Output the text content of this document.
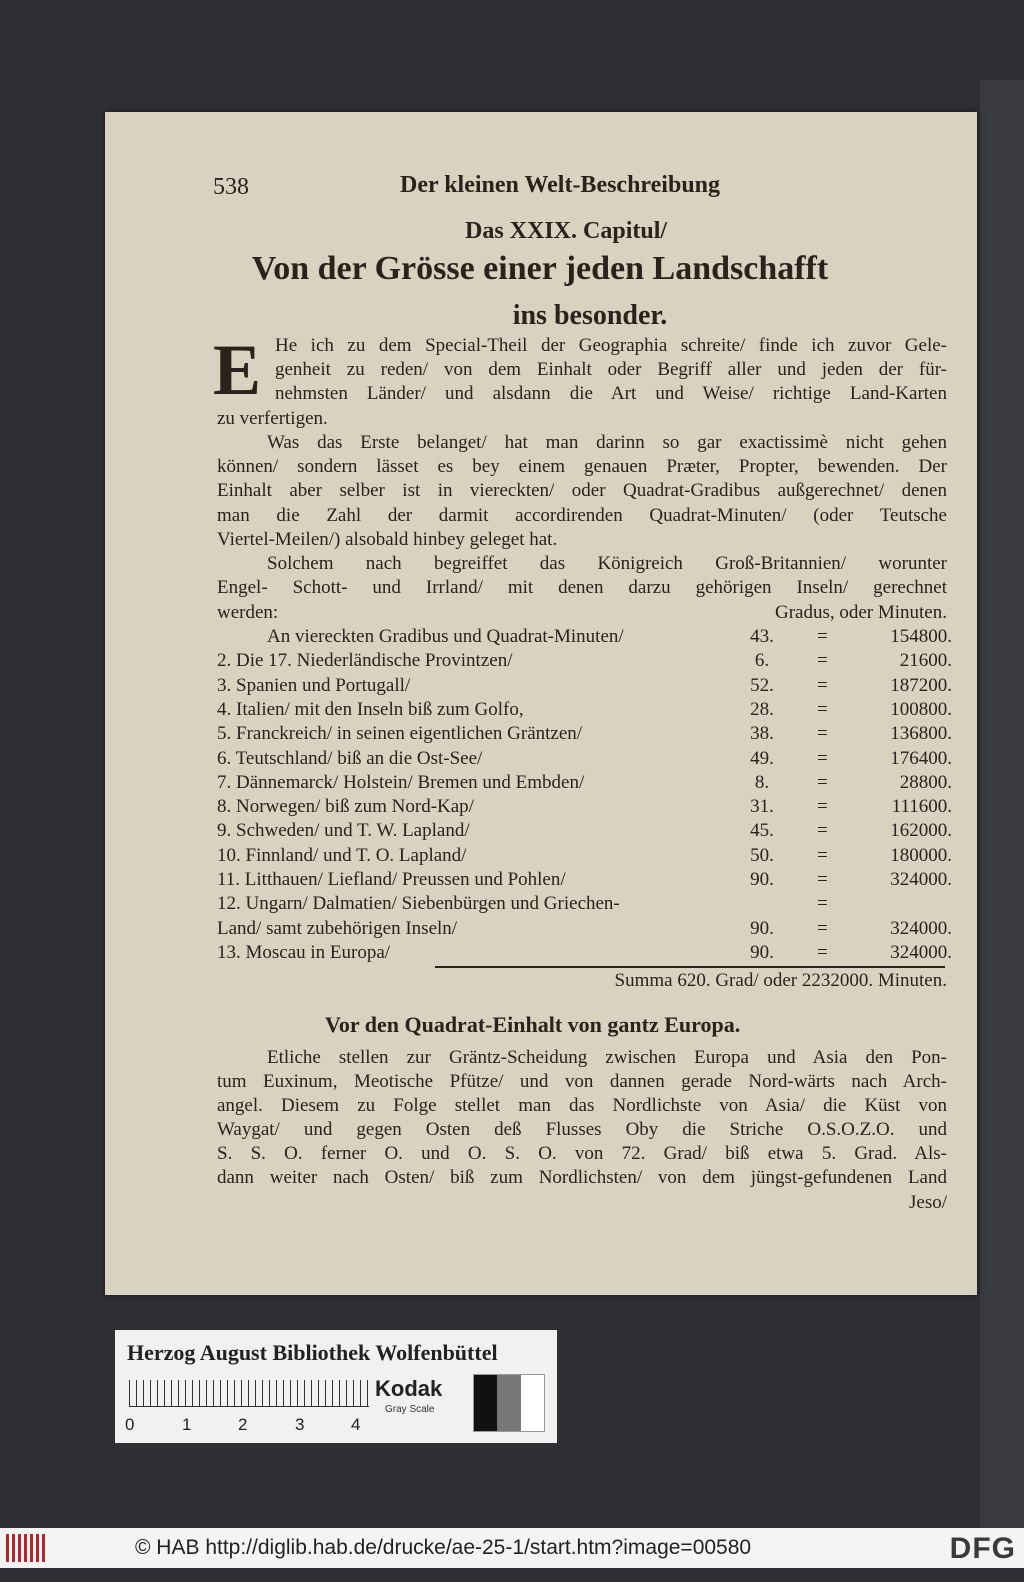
538	Der kleinen Welt-Beschreibung
Das XXIX. Capitul/
Von der Grösse einer jeden Landschafft
ins besonder.
E He ich zu dem Special-Theil der Geographia schreite/ finde ich zuvor Gele-
genheit zu reden/ von dem Einhalt oder Begriff aller und jeden der für-
nehmsten Länder/ und alsdann die Art und Weise/ richtige Land-Karten
zu verfertigen.
Was das Erste belanget/ hat man darinn so gar exactissimè nicht gehen
können/ sondern lässet es bey einem genauen Præter, Propter, bewenden. Der
Einhalt aber selber ist in viereckten/ oder Quadrat-Gradibus außgerechnet/ denen
man die Zahl der darmit accordirenden Quadrat-Minuten/ (oder Teutsche
Viertel-Meilen/) alsobald hinbey geleget hat.
Solchem nach begreiffet das Königreich Groß-Britannien/ worunter
Engel- Schott- und Irrland/ mit denen darzu gehörigen Inseln/ gerechnet
werden:	Gradus, oder Minuten.
An viereckten Gradibus und Quadrat-Minuten/	43.	=	154800.
2. Die 17. Niederländische Provintzen/	6.	=	21600.
3. Spanien und Portugall/	52.	=	187200.
4. Italien/ mit den Inseln biß zum Golfo,	28.	=	100800.
5. Franckreich/ in seinen eigentlichen Gräntzen/	38.	=	136800.
6. Teutschland/ biß an die Ost-See/	49.	=	176400.
7. Dännemarck/ Holstein/ Bremen und Embden/	8.	=	28800.
8. Norwegen/ biß zum Nord-Kap/	31.	=	111600.
9. Schweden/ und T. W. Lapland/	45.	=	162000.
10. Finnland/ und T. O. Lapland/	50.	=	180000.
11. Litthauen/ Liefland/ Preussen und Pohlen/	90.	=	324000.
12. Ungarn/ Dalmatien/ Siebenbürgen und Griechen-	=
Land/ samt zubehörigen Inseln/	90.	=	324000.
13. Moscau in Europa/	90.	=	324000.
Summa 620. Grad/ oder 2232000. Minuten.
Vor den Quadrat-Einhalt von gantz Europa.
Etliche stellen zur Gräntz-Scheidung zwischen Europa und Asia den Pon-
tum Euxinum, Meotische Pfütze/ und von dannen gerade Nord-wärts nach Arch-
angel. Diesem zu Folge stellet man das Nordlichste von Asia/ die Küst von
Waygat/ und gegen Osten deß Flusses Oby die Striche O.S.O.Z.O. und
S. S. O. ferner O. und O. S. O. von 72. Grad/ biß etwa 5. Grad. Als-
dann weiter nach Osten/ biß zum Nordlichsten/ von dem jüngst-gefundenen Land
Jeso/
Herzog August Bibliothek Wolfenbüttel
0	1	2	3	4
Kodak
Gray Scale
© HAB http://diglib.hab.de/drucke/ae-25-1/start.htm?image=00580	DFG
